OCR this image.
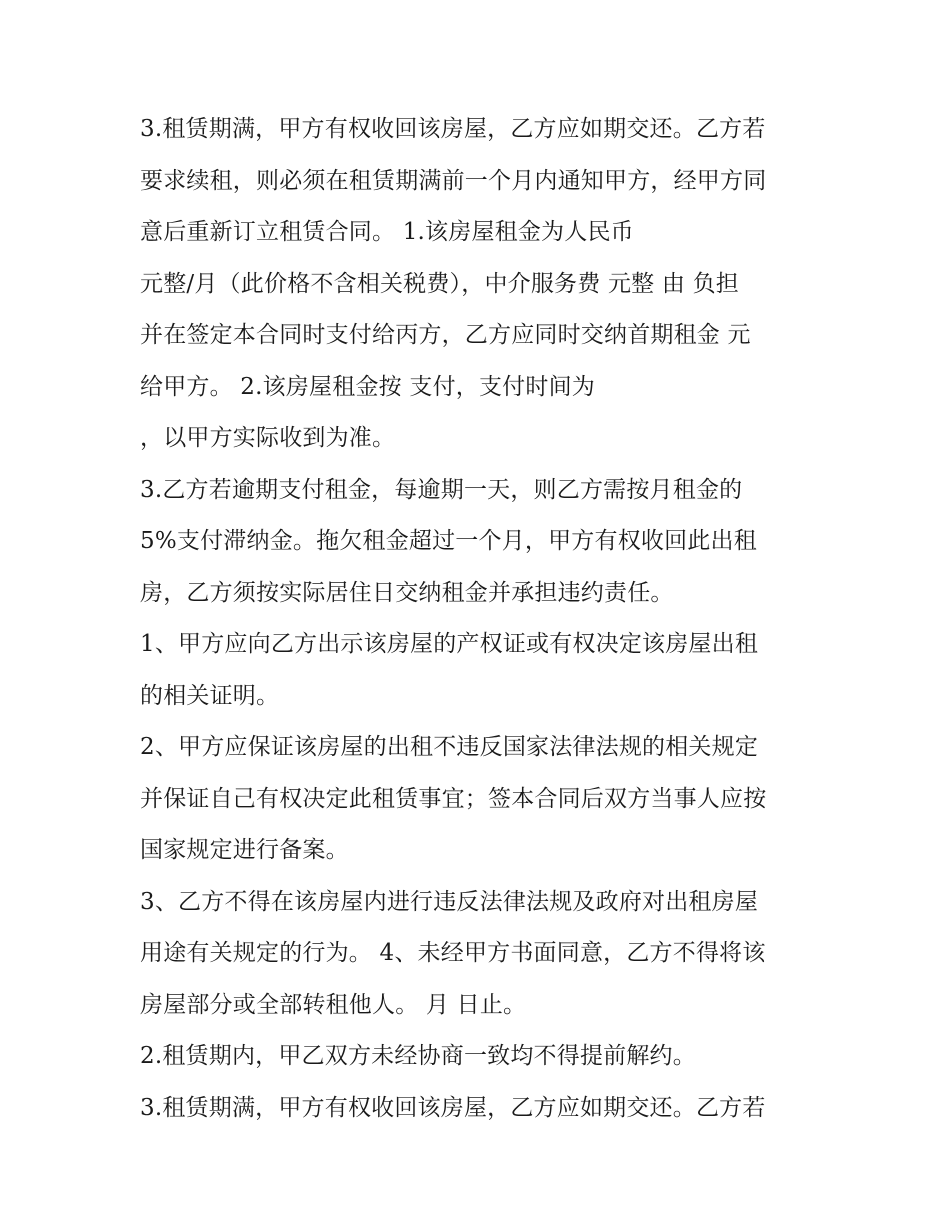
3.租赁期满，甲方有权收回该房屋，乙方应如期交还。乙方若
要求续租，则必须在租赁期满前一个月内通知甲方，经甲方同
意后重新订立租赁合同。 1.该房屋租金为人民币
元整/月（此价格不含相关税费），中介服务费 元整 由 负担
并在签定本合同时支付给丙方，乙方应同时交纳首期租金 元
给甲方。 2.该房屋租金按 支付，支付时间为
，以甲方实际收到为准。
3.乙方若逾期支付租金，每逾期一天，则乙方需按月租金的
5%支付滞纳金。拖欠租金超过一个月，甲方有权收回此出租
房，乙方须按实际居住日交纳租金并承担违约责任。
1、甲方应向乙方出示该房屋的产权证或有权决定该房屋出租
的相关证明。
2、甲方应保证该房屋的出租不违反国家法律法规的相关规定
并保证自己有权决定此租赁事宜；签本合同后双方当事人应按
国家规定进行备案。
3、乙方不得在该房屋内进行违反法律法规及政府对出租房屋
用途有关规定的行为。 4、未经甲方书面同意，乙方不得将该
房屋部分或全部转租他人。 月 日止。
2.租赁期内，甲乙双方未经协商一致均不得提前解约。
3.租赁期满，甲方有权收回该房屋，乙方应如期交还。乙方若
